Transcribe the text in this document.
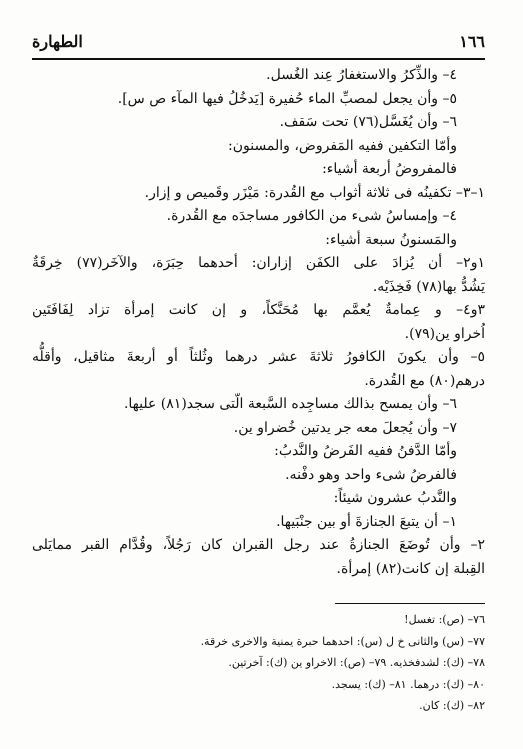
١٦٦
الطهارة
٤– والذِّكرُ والاستغفارُ عِند الغُسل.
٥– وأن يجعل لمصبِّ الماء حُفيرة [يَدخُلُ فيها المآء ص س].
٦– وأن يُغَسَّل(٧٦) تحت سَقف.
وأمّا التكفين ففيه المَفروض، والمسنون:
فالمفروضُ أربعة أشياء:
١–٣– تكفينُه فى ثلاثة أثواب مع القُدرة: مَيْزَر وقَميص و إزار.
٤– وإمساسُ شىء من الكافور مساجدَه مع القُدرة.
والمَسنونُ سبعة أشياء:
١و٢– أن يُزادَ على الكفَن إزاران: أحدهما حِبَرَة، والآخَر(٧٧) خِرقَةٌ
يَشُدُّ بها(٧٨) فَخِذَيْه.
٣و٤– و عِمامةٌ يُعمَّم بها مُحَنَّكاً، و إن كانت إمرأة تزاد لِفَافَتَين
اُخراو ين(٧٩).
٥– وأن يكونَ الكافورُ ثلاثةَ عشر درهما وثُلثاً أو أربعةَ مثاقيل، وأقلُّه
درهم(٨٠) مع القُدرة.
٦– وأن يمسح بذالك مساجِده السَّبعة الّتى سجد(٨١) عليها.
٧– وأن يُجعلَ معه جر يدتين خُضراو ين.
وأمّا الدَّفنُ ففيه الفَرضُ والنَّدبُ:
فالفرضُ شىء واحد وهو دفْنه.
والنَّدبُ عشرون شيئاً:
١– أن يتبعَ الجنازةَ أو بين جنْبَيها.
٢– وأن تُوضَعَ الجنازةُ عند رجل القبران كان رَجُلاً، وقُدَّام القبر ممايَلى
القِبلة إن كانت(٨٢) إمرأة.
٧٦– (ص): تغسل!
٧٧– (س) والثانى خ ل (س): احدهما حبرة يمنية والاخرى خرقة.
٧٨– (ك): لشدفخذيه. ٧٩– (ص): الاخراو ين (ك): آخرتين.
٨٠– (ك): درهما. ٨١– (ك): يسجد.
٨٢– (ك): كان.
